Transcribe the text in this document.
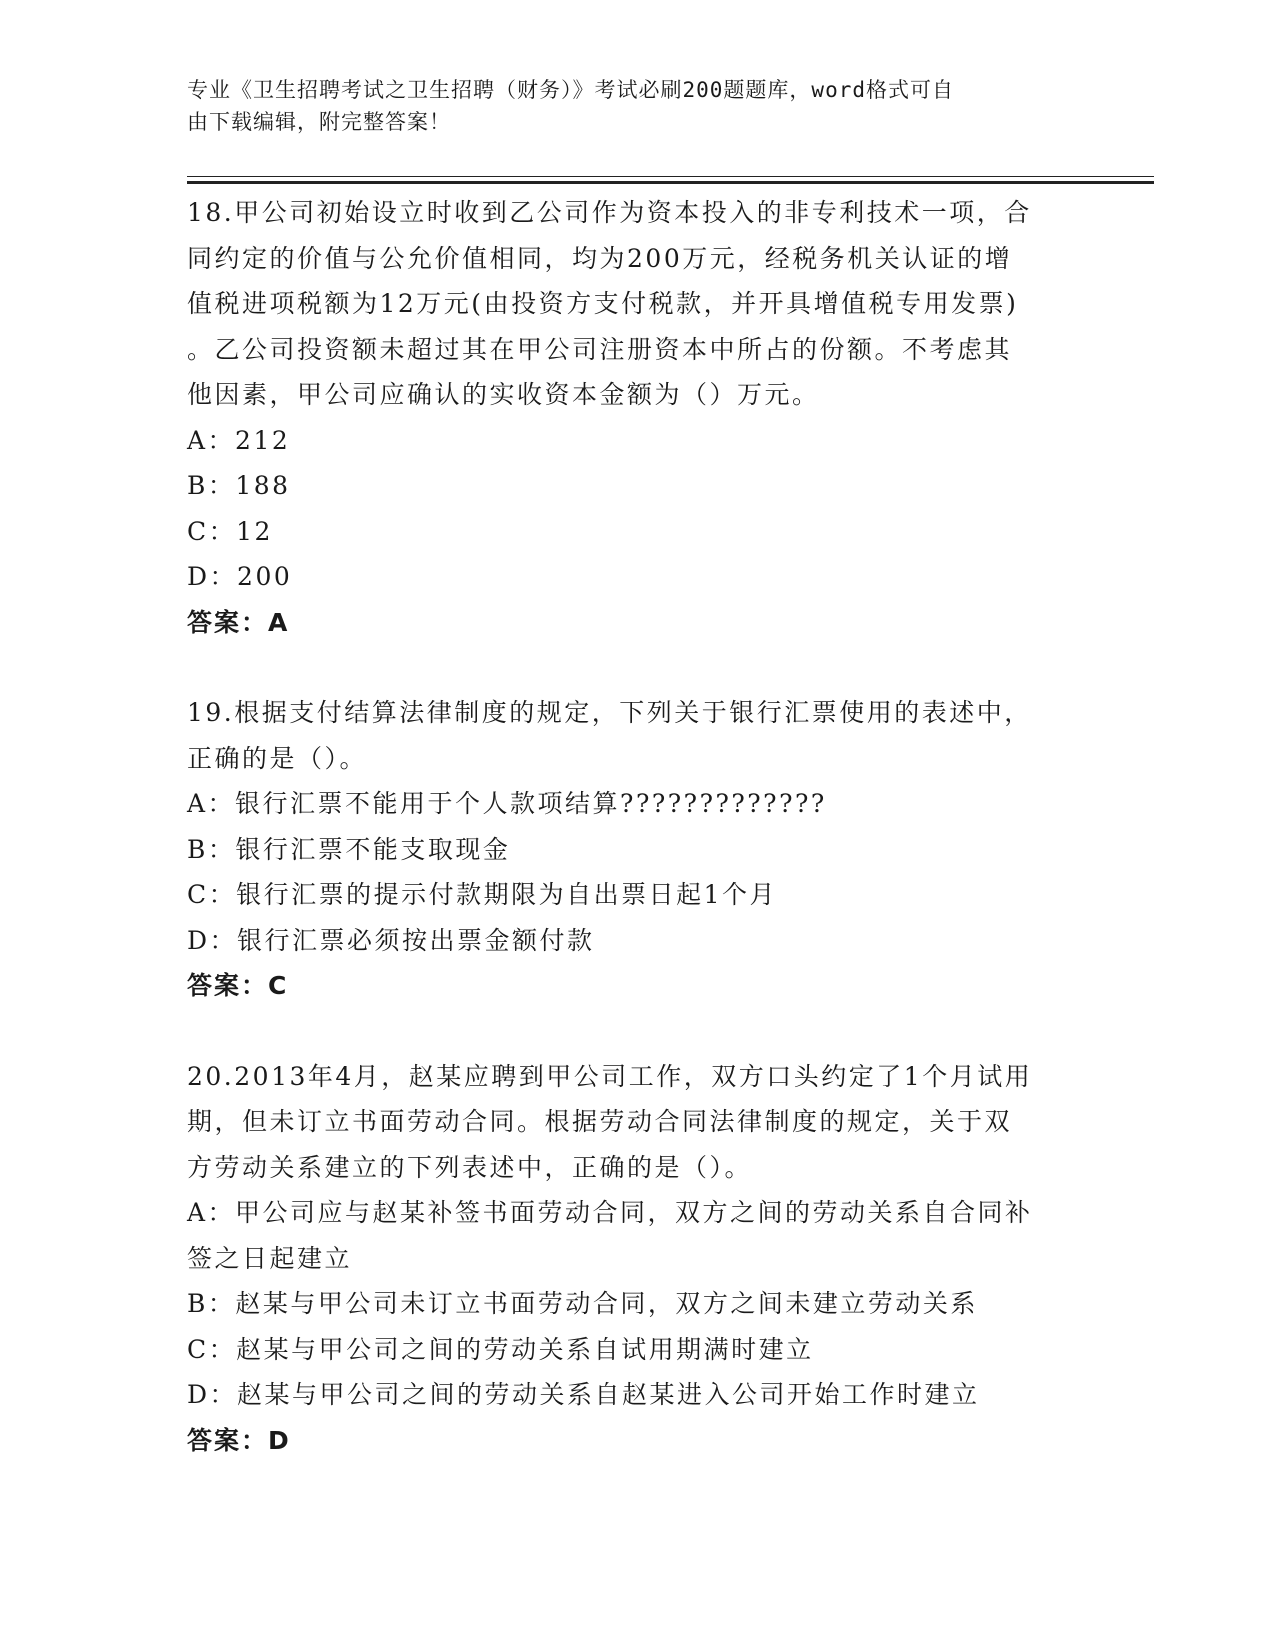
专业《卫生招聘考试之卫生招聘（财务）》考试必刷200题题库，word格式可自
由下载编辑，附完整答案！

18.甲公司初始设立时收到乙公司作为资本投入的非专利技术一项，合

同约定的价值与公允价值相同，均为200万元，经税务机关认证的增

值税进项税额为12万元(由投资方支付税款，并开具增值税专用发票)

。乙公司投资额未超过其在甲公司注册资本中所占的份额。不考虑其

他因素，甲公司应确认的实收资本金额为（）万元。

A：212

B：188

C：12

D：200

答案：A

19.根据支付结算法律制度的规定，下列关于银行汇票使用的表述中，

正确的是（）。

A：银行汇票不能用于个人款项结算?????????????

B：银行汇票不能支取现金

C：银行汇票的提示付款期限为自出票日起1个月

D：银行汇票必须按出票金额付款

答案：C

20.2013年4月，赵某应聘到甲公司工作，双方口头约定了1个月试用

期，但未订立书面劳动合同。根据劳动合同法律制度的规定，关于双

方劳动关系建立的下列表述中，正确的是（）。

A：甲公司应与赵某补签书面劳动合同，双方之间的劳动关系自合同补

签之日起建立

B：赵某与甲公司未订立书面劳动合同，双方之间未建立劳动关系

C：赵某与甲公司之间的劳动关系自试用期满时建立

D：赵某与甲公司之间的劳动关系自赵某进入公司开始工作时建立

答案：D
